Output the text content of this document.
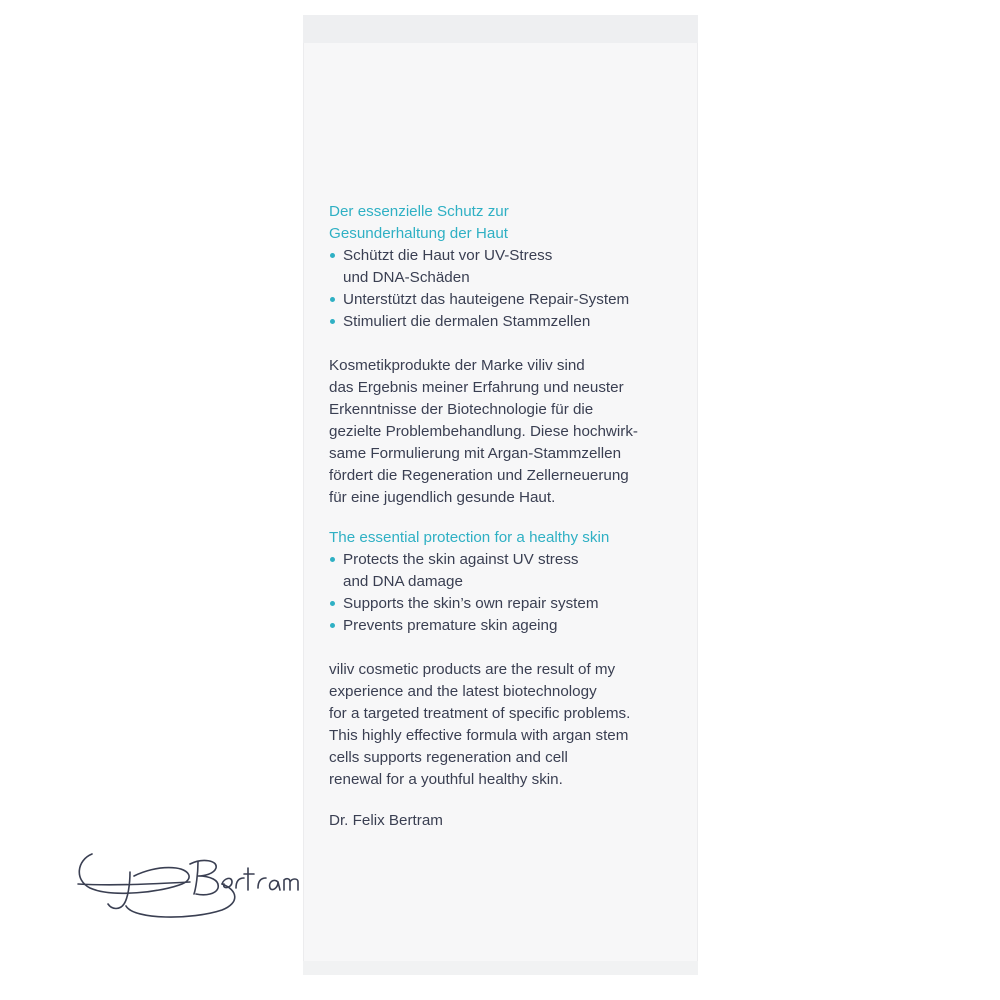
Der essenzielle Schutz zur

Gesunderhaltung der Haut

Schützt die Haut vor UV-Stress
und DNA-Schäden
Unterstützt das hauteigene Repair-System
Stimuliert die dermalen Stammzellen

Kosmetikprodukte der Marke viliv sind
das Ergebnis meiner Erfahrung und neuster
Erkenntnisse der Biotechnologie für die
gezielte Problembehandlung. Diese hochwirk-
same Formulierung mit Argan-Stammzellen
fördert die Regeneration und Zellerneuerung
für eine jugendlich gesunde Haut.

The essential protection for a healthy skin

Protects the skin against UV stress
and DNA damage
Supports the skin’s own repair system
Prevents premature skin ageing

viliv cosmetic products are the result of my
experience and the latest biotechnology
for a targeted treatment of specific problems.
This highly effective formula with argan stem
cells supports regeneration and cell
renewal for a youthful healthy skin.

Dr. Felix Bertram
